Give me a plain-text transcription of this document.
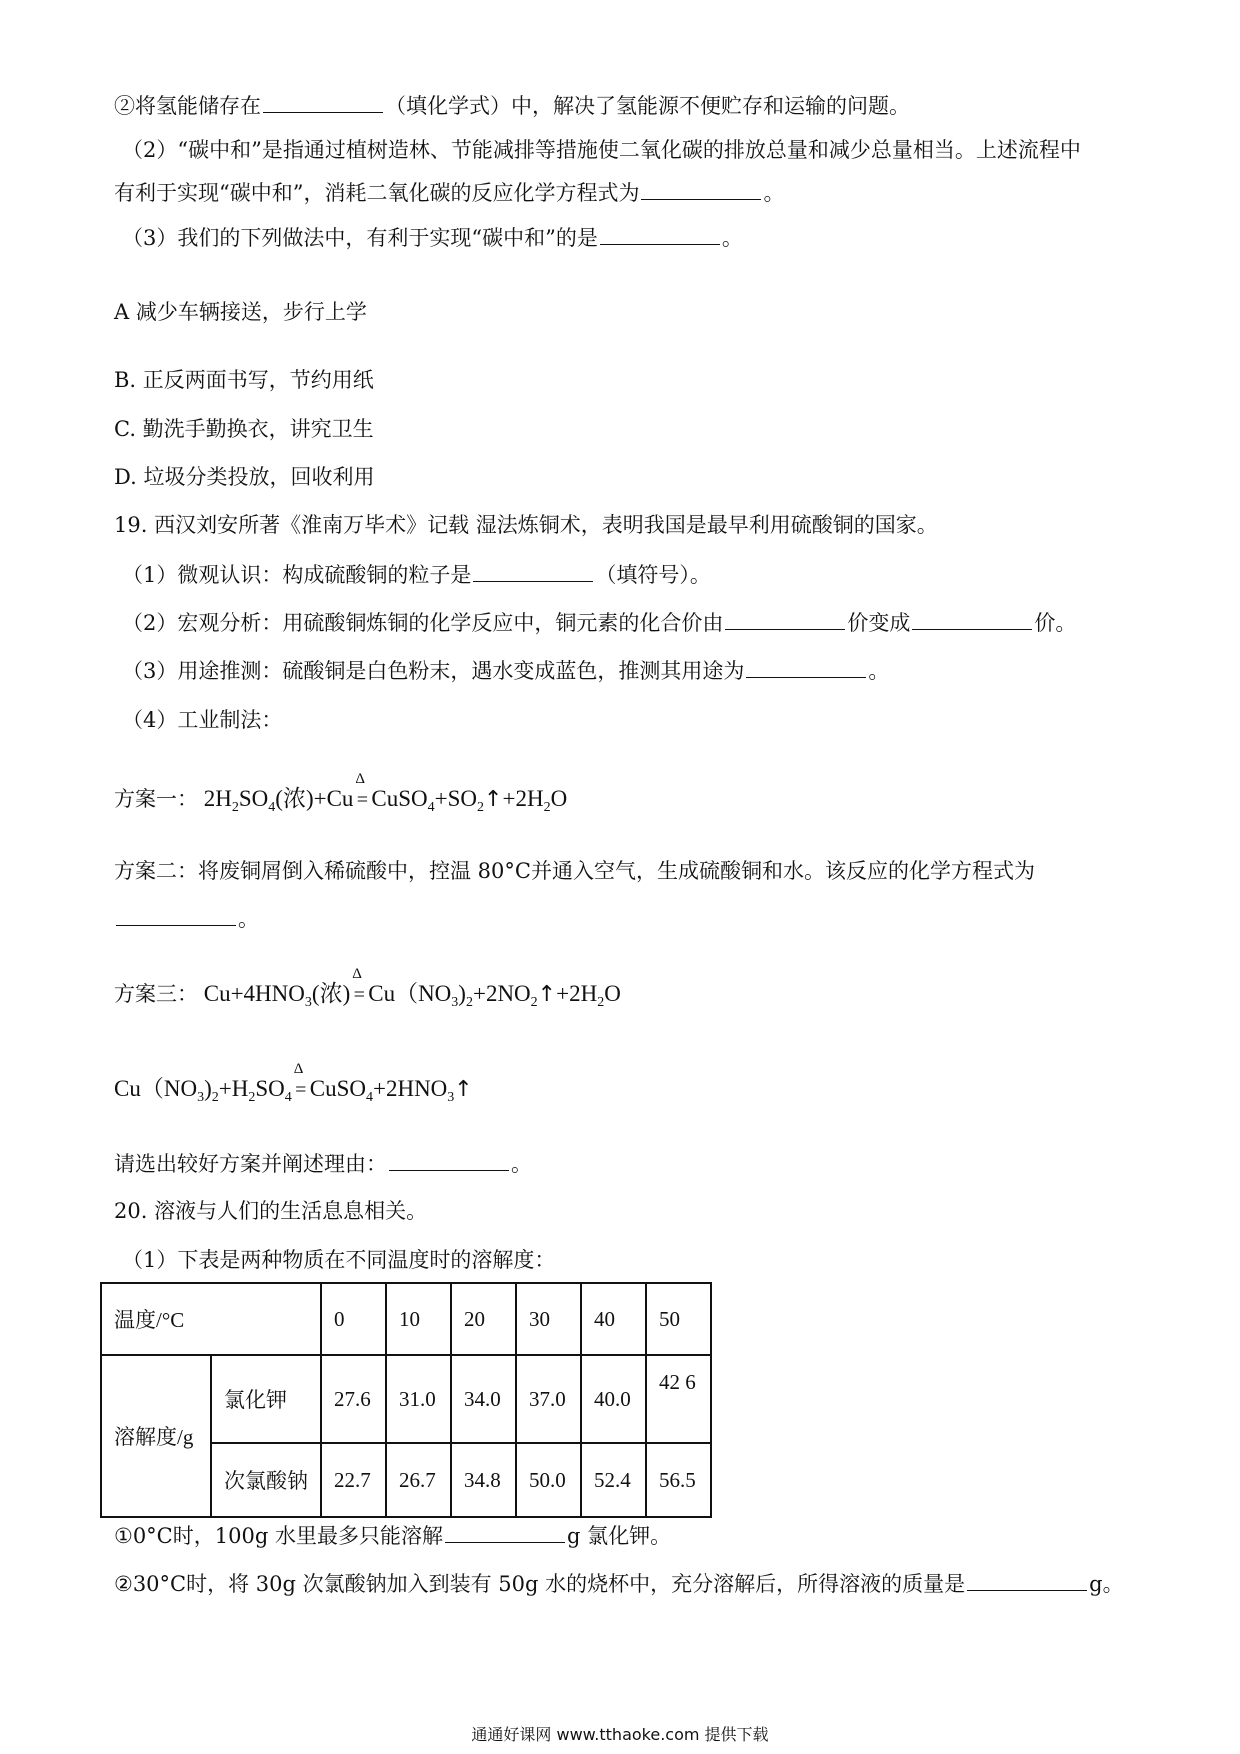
②将氢能储存在	（填化学式）中，解决了氢能源不便贮存和运输的问题。
（2）“碳中和”是指通过植树造林、节能减排等措施使二氧化碳的排放总量和减少总量相当。上述流程中
有利于实现“碳中和”，消耗二氧化碳的反应化学方程式为	。
（3）我们的下列做法中，有利于实现“碳中和”的是	。
A 减少车辆接送，步行上学
B. 正反两面书写，节约用纸
C. 勤洗手勤换衣，讲究卫生
D. 垃圾分类投放，回收利用
19. 西汉刘安所著《淮南万毕术》记载 湿法炼铜术，表明我国是最早利用硫酸铜的国家。
（1）微观认识：构成硫酸铜的粒子是	（填符号）。
（2）宏观分析：用硫酸铜炼铜的化学反应中，铜元素的化合价由	价变成	价。
（3）用途推测：硫酸铜是白色粉末，遇水变成蓝色，推测其用途为	。
（4）工业制法：
方案一： $2H_2SO_4$(浓)+Cu
Δ
= $CuSO_4+SO_2↑+2H_2O$
方案二：将废铜屑倒入稀硫酸中，控温 80°C并通入空气，生成硫酸铜和水。该反应的化学方程式为
。
方案三： $Cu+4HNO_3$(浓)
Δ
= $Cu(NO_3)_2+2NO_2↑+2H_2O$
$Cu(NO_3)_2+H_2SO_4$
Δ
= $CuSO_4+2HNO_3↑$
请选出较好方案并阐述理由：	。
20. 溶液与人们的生活息息相关。
（1）下表是两种物质在不同温度时的溶解度：
温度/°C		0	10	20	30	40	50
溶解度/g	氯化钾	27.6	31.0	34.0	37.0	40.0	42 6
	次氯酸钠	22.7	26.7	34.8	50.0	52.4	56.5
①0°C时，100g 水里最多只能溶解	g 氯化钾。
②30°C时，将 30g 次氯酸钠加入到装有 50g 水的烧杯中，充分溶解后，所得溶液的质量是	g。
通通好课网 www.tthaoke.com 提供下载
